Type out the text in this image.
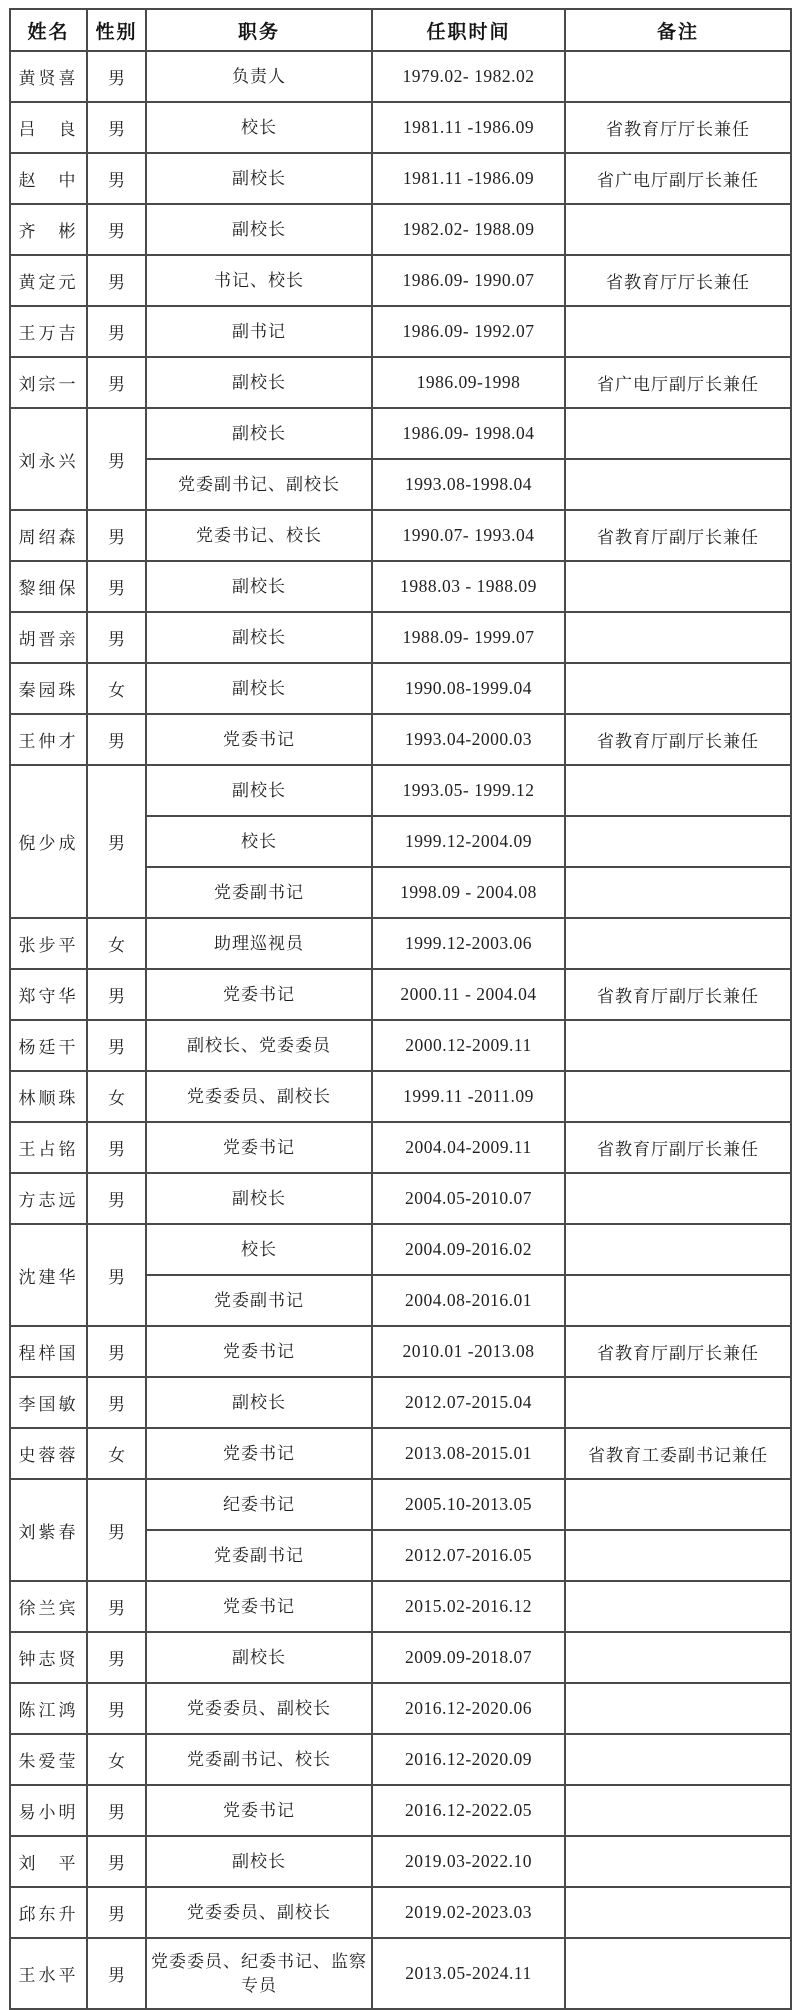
姓名	性别	职务	任职时间	备注
黄贤喜	男	负责人	1979.02- 1982.02	
吕　良	男	校长	1981.11 -1986.09	省教育厅厅长兼任
赵　中	男	副校长	1981.11 -1986.09	省广电厅副厅长兼任
齐　彬	男	副校长	1982.02- 1988.09	
黄定元	男	书记、校长	1986.09- 1990.07	省教育厅厅长兼任
王万吉	男	副书记	1986.09- 1992.07	
刘宗一	男	副校长	1986.09-1998	省广电厅副厅长兼任
刘永兴	男	副校长	1986.09- 1998.04	
		党委副书记、副校长	1993.08-1998.04	
周绍森	男	党委书记、校长	1990.07- 1993.04	省教育厅副厅长兼任
黎细保	男	副校长	1988.03 - 1988.09	
胡晋亲	男	副校长	1988.09- 1999.07	
秦园珠	女	副校长	1990.08-1999.04	
王仲才	男	党委书记	1993.04-2000.03	省教育厅副厅长兼任
倪少成	男	副校长	1993.05- 1999.12	
		校长	1999.12-2004.09	
		党委副书记	1998.09 - 2004.08	
张步平	女	助理巡视员	1999.12-2003.06	
郑守华	男	党委书记	2000.11 - 2004.04	省教育厅副厅长兼任
杨廷干	男	副校长、党委委员	2000.12-2009.11	
林顺珠	女	党委委员、副校长	1999.11 -2011.09	
王占铭	男	党委书记	2004.04-2009.11	省教育厅副厅长兼任
方志远	男	副校长	2004.05-2010.07	
沈建华	男	校长	2004.09-2016.02	
		党委副书记	2004.08-2016.01	
程样国	男	党委书记	2010.01 -2013.08	省教育厅副厅长兼任
李国敏	男	副校长	2012.07-2015.04	
史蓉蓉	女	党委书记	2013.08-2015.01	省教育工委副书记兼任
刘紫春	男	纪委书记	2005.10-2013.05	
		党委副书记	2012.07-2016.05	
徐兰宾	男	党委书记	2015.02-2016.12	
钟志贤	男	副校长	2009.09-2018.07	
陈江鸿	男	党委委员、副校长	2016.12-2020.06	
朱爱莹	女	党委副书记、校长	2016.12-2020.09	
易小明	男	党委书记	2016.12-2022.05	
刘　平	男	副校长	2019.03-2022.10	
邱东升	男	党委委员、副校长	2019.02-2023.03	
王水平	男	党委委员、纪委书记、监察专员	2013.05-2024.11	
